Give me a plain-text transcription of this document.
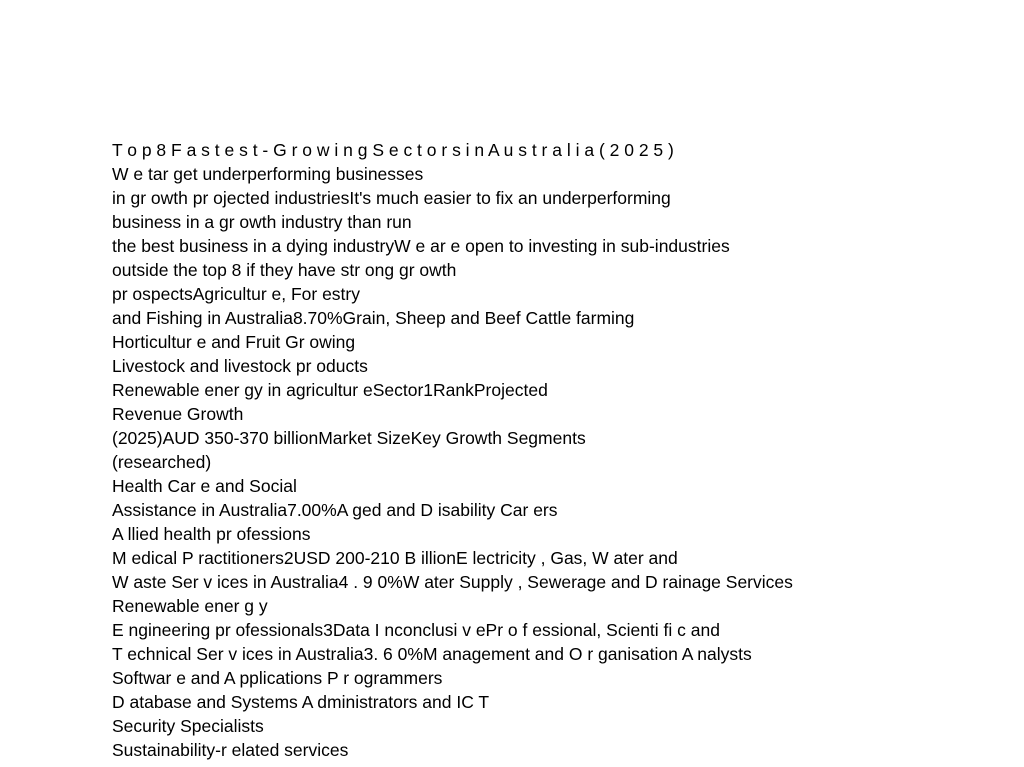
T o p 8 F a s t e s t - G r o w i n g S e c t o r s i n A u s t r a l i a ( 2 0 2 5 )
W e tar get underperforming businesses
in gr owth pr ojected industriesIt's much easier to fix an underperforming
business in a gr owth industry than run
the best business in a dying industryW e ar e open to investing in sub-industries
outside the top 8 if they have str ong gr owth
pr ospectsAgricultur e, For estry
and Fishing in Australia8.70%Grain, Sheep and Beef Cattle farming
Horticultur e and Fruit Gr owing
Livestock and livestock pr oducts
Renewable ener gy in agricultur eSector1RankProjected
Revenue Growth
(2025)AUD 350-370 billionMarket SizeKey Growth Segments
(researched)
Health Car e and Social
Assistance in Australia7.00%A ged and D isability Car ers
A llied health pr ofessions
M edical P ractitioners2USD 200-210 B illionE lectricity , Gas, W ater and
W aste Ser v ices in Australia4 . 9 0%W ater Supply , Sewerage and D rainage Services
Renewable ener g y
E ngineering pr ofessionals3Data I nconclusi v ePr o f essional, Scienti fi c and
T echnical Ser v ices in Australia3. 6 0%M anagement and O r ganisation A nalysts
Softwar e and A pplications P r ogrammers
D atabase and Systems A dministrators and IC T
Security Specialists
Sustainability-r elated services
